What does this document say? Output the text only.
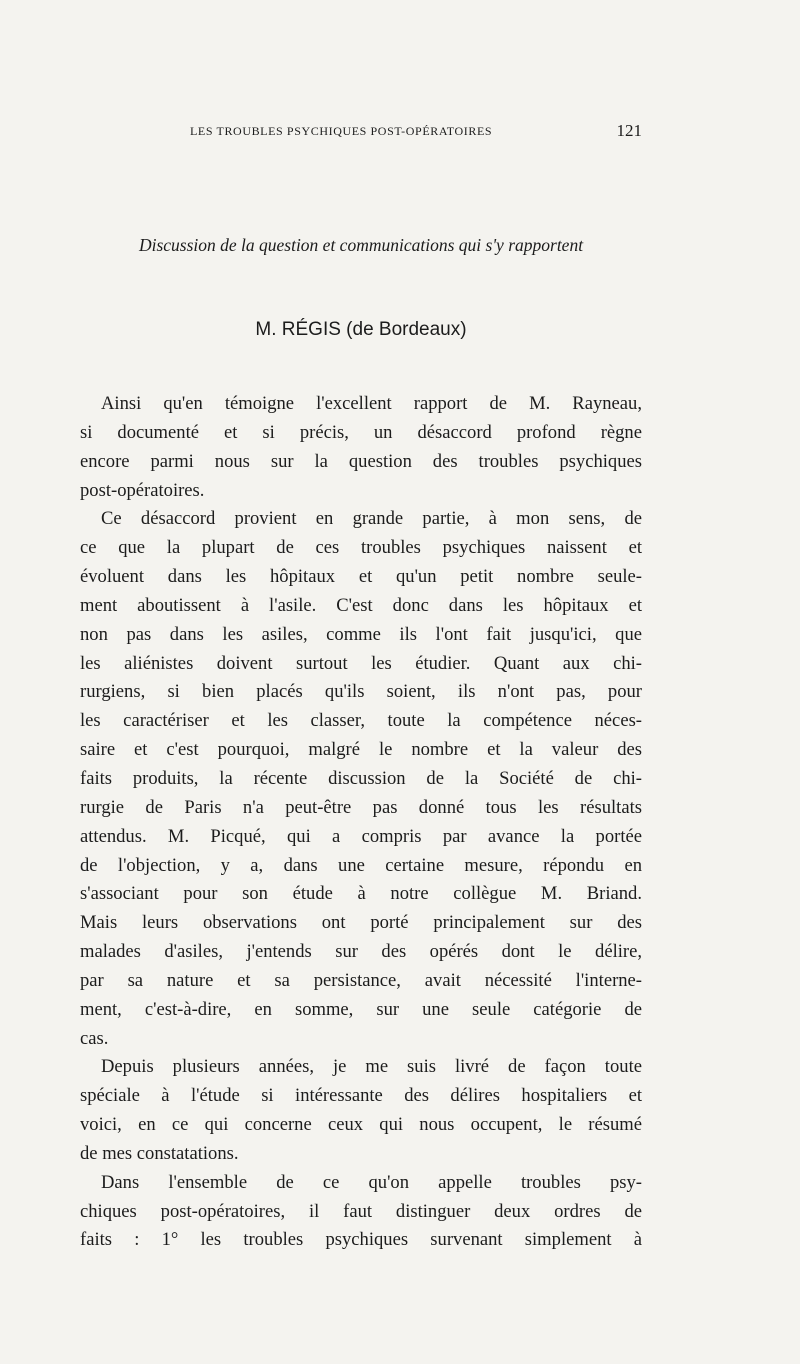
LES TROUBLES PSYCHIQUES POST-OPÉRATOIRES	121
Discussion de la question et communications qui s'y rapportent
M. RÉGIS (de Bordeaux)
Ainsi qu'en témoigne l'excellent rapport de M. Rayneau,
si documenté et si précis, un désaccord profond règne
encore parmi nous sur la question des troubles psychiques
post-opératoires.
Ce désaccord provient en grande partie, à mon sens, de
ce que la plupart de ces troubles psychiques naissent et
évoluent dans les hôpitaux et qu'un petit nombre seule-
ment aboutissent à l'asile. C'est donc dans les hôpitaux et
non pas dans les asiles, comme ils l'ont fait jusqu'ici, que
les aliénistes doivent surtout les étudier. Quant aux chi-
rurgiens, si bien placés qu'ils soient, ils n'ont pas, pour
les caractériser et les classer, toute la compétence néces-
saire et c'est pourquoi, malgré le nombre et la valeur des
faits produits, la récente discussion de la Société de chi-
rurgie de Paris n'a peut-être pas donné tous les résultats
attendus. M. Picqué, qui a compris par avance la portée
de l'objection, y a, dans une certaine mesure, répondu en
s'associant pour son étude à notre collègue M. Briand.
Mais leurs observations ont porté principalement sur des
malades d'asiles, j'entends sur des opérés dont le délire,
par sa nature et sa persistance, avait nécessité l'interne-
ment, c'est-à-dire, en somme, sur une seule catégorie de
cas.
Depuis plusieurs années, je me suis livré de façon toute
spéciale à l'étude si intéressante des délires hospitaliers et
voici, en ce qui concerne ceux qui nous occupent, le résumé
de mes constatations.
Dans l'ensemble de ce qu'on appelle troubles psy-
chiques post-opératoires, il faut distinguer deux ordres de
faits : 1° les troubles psychiques survenant simplement à
